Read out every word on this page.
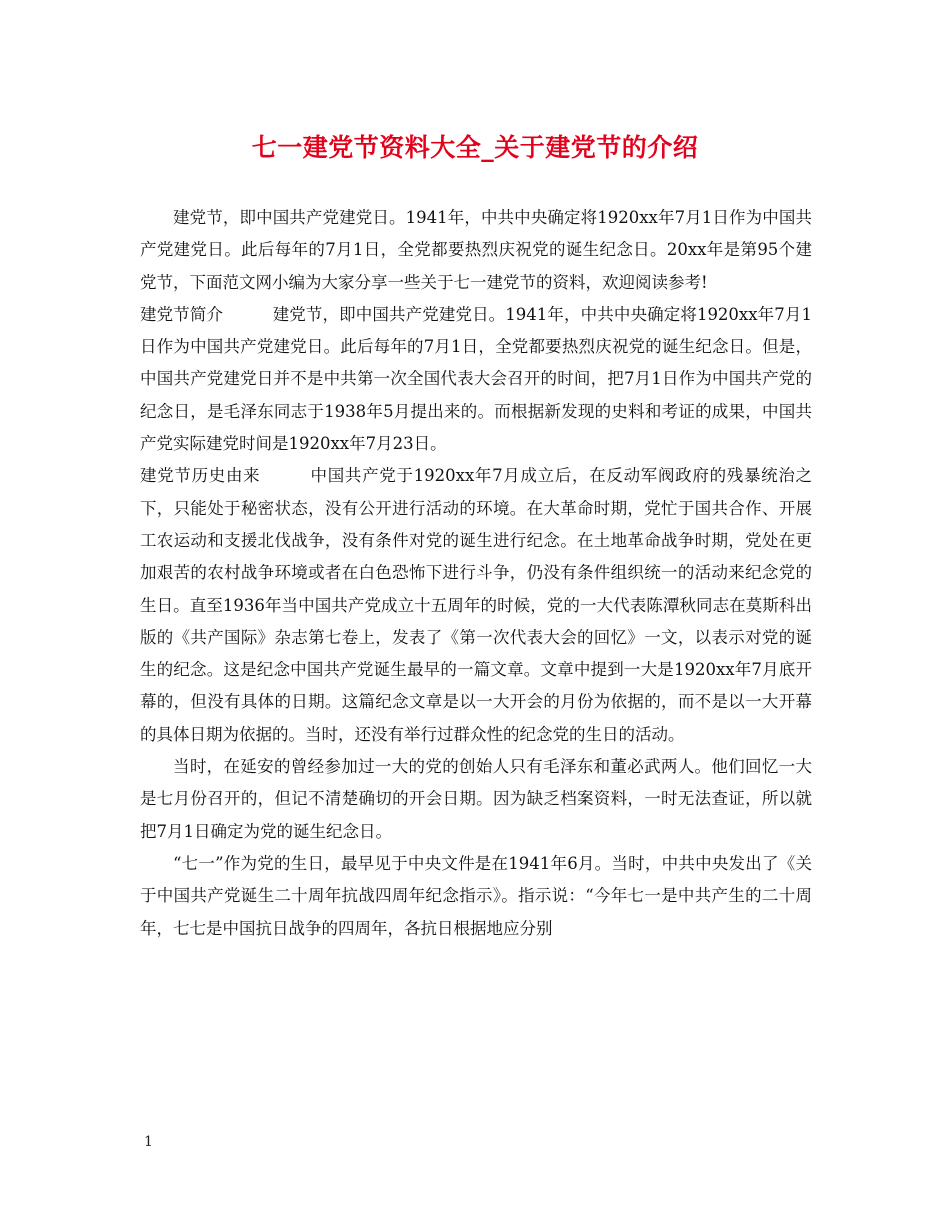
七一建党节资料大全_关于建党节的介绍

建党节，即中国共产党建党日。1941年，中共中央确定将1920xx年7月1日作为中国共产党建党日。此后每年的7月1日，全党都要热烈庆祝党的诞生纪念日。20xx年是第95个建党节，下面范文网小编为大家分享一些关于七一建党节的资料，欢迎阅读参考!

建党节简介	建党节，即中国共产党建党日。1941年，中共中央确定将1920xx年7月1日作为中国共产党建党日。此后每年的7月1日，全党都要热烈庆祝党的诞生纪念日。但是，中国共产党建党日并不是中共第一次全国代表大会召开的时间，把7月1日作为中国共产党的纪念日，是毛泽东同志于1938年5月提出来的。而根据新发现的史料和考证的成果，中国共产党实际建党时间是1920xx年7月23日。

建党节历史由来	中国共产党于1920xx年7月成立后，在反动军阀政府的残暴统治之下，只能处于秘密状态，没有公开进行活动的环境。在大革命时期，党忙于国共合作、开展工农运动和支援北伐战争，没有条件对党的诞生进行纪念。在土地革命战争时期，党处在更加艰苦的农村战争环境或者在白色恐怖下进行斗争，仍没有条件组织统一的活动来纪念党的生日。直至1936年当中国共产党成立十五周年的时候，党的一大代表陈潭秋同志在莫斯科出版的《共产国际》杂志第七卷上，发表了《第一次代表大会的回忆》一文，以表示对党的诞生的纪念。这是纪念中国共产党诞生最早的一篇文章。文章中提到一大是1920xx年7月底开幕的，但没有具体的日期。这篇纪念文章是以一大开会的月份为依据的，而不是以一大开幕的具体日期为依据的。当时，还没有举行过群众性的纪念党的生日的活动。

当时，在延安的曾经参加过一大的党的创始人只有毛泽东和董必武两人。他们回忆一大是七月份召开的，但记不清楚确切的开会日期。因为缺乏档案资料，一时无法查证，所以就把7月1日确定为党的诞生纪念日。

“七一”作为党的生日，最早见于中央文件是在1941年6月。当时，中共中央发出了《关于中国共产党诞生二十周年抗战四周年纪念指示》。指示说：“今年七一是中共产生的二十周年，七七是中国抗日战争的四周年，各抗日根据地应分别

1
